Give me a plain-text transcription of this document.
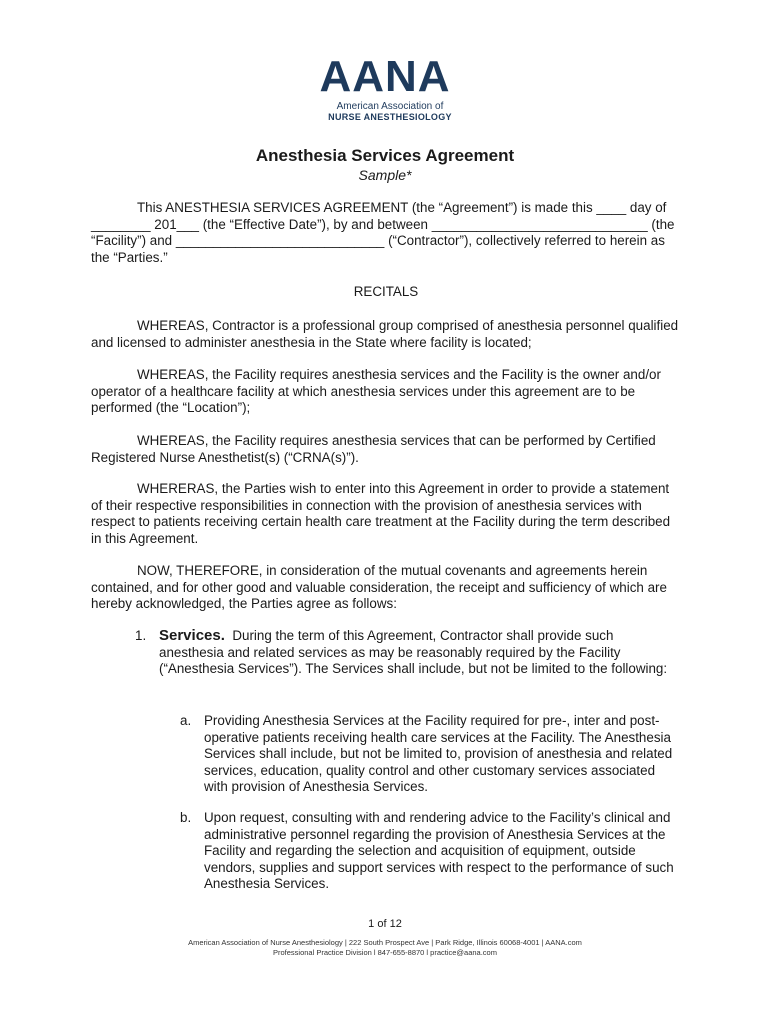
AANA
American Association of
NURSE ANESTHESIOLOGY
Anesthesia Services Agreement
Sample*
This ANESTHESIA SERVICES AGREEMENT (the “Agreement”) is made this ____ day of ________ 201___ (the “Effective Date”), by and between _____________________________ (the “Facility”) and ____________________________ (“Contractor”), collectively referred to herein as the “Parties.”
RECITALS
WHEREAS, Contractor is a professional group comprised of anesthesia personnel qualified and licensed to administer anesthesia in the State where facility is located;
WHEREAS, the Facility requires anesthesia services and the Facility is the owner and/or operator of a healthcare facility at which anesthesia services under this agreement are to be performed (the “Location”);
WHEREAS, the Facility requires anesthesia services that can be performed by Certified Registered Nurse Anesthetist(s) (“CRNA(s)”).
WHERERAS, the Parties wish to enter into this Agreement in order to provide a statement of their respective responsibilities in connection with the provision of anesthesia services with respect to patients receiving certain health care treatment at the Facility during the term described in this Agreement.
NOW, THEREFORE, in consideration of the mutual covenants and agreements herein contained, and for other good and valuable consideration, the receipt and sufficiency of which are hereby acknowledged, the Parties agree as follows:
1. Services. During the term of this Agreement, Contractor shall provide such anesthesia and related services as may be reasonably required by the Facility (“Anesthesia Services”). The Services shall include, but not be limited to the following:
a. Providing Anesthesia Services at the Facility required for pre-, inter and post-operative patients receiving health care services at the Facility. The Anesthesia Services shall include, but not be limited to, provision of anesthesia and related services, education, quality control and other customary services associated with provision of Anesthesia Services.
b. Upon request, consulting with and rendering advice to the Facility’s clinical and administrative personnel regarding the provision of Anesthesia Services at the Facility and regarding the selection and acquisition of equipment, outside vendors, supplies and support services with respect to the performance of such Anesthesia Services.
1 of 12
American Association of Nurse Anesthesiology | 222 South Prospect Ave | Park Ridge, Illinois 60068-4001 | AANA.com
Professional Practice Division l 847-655-8870 l practice@aana.com
